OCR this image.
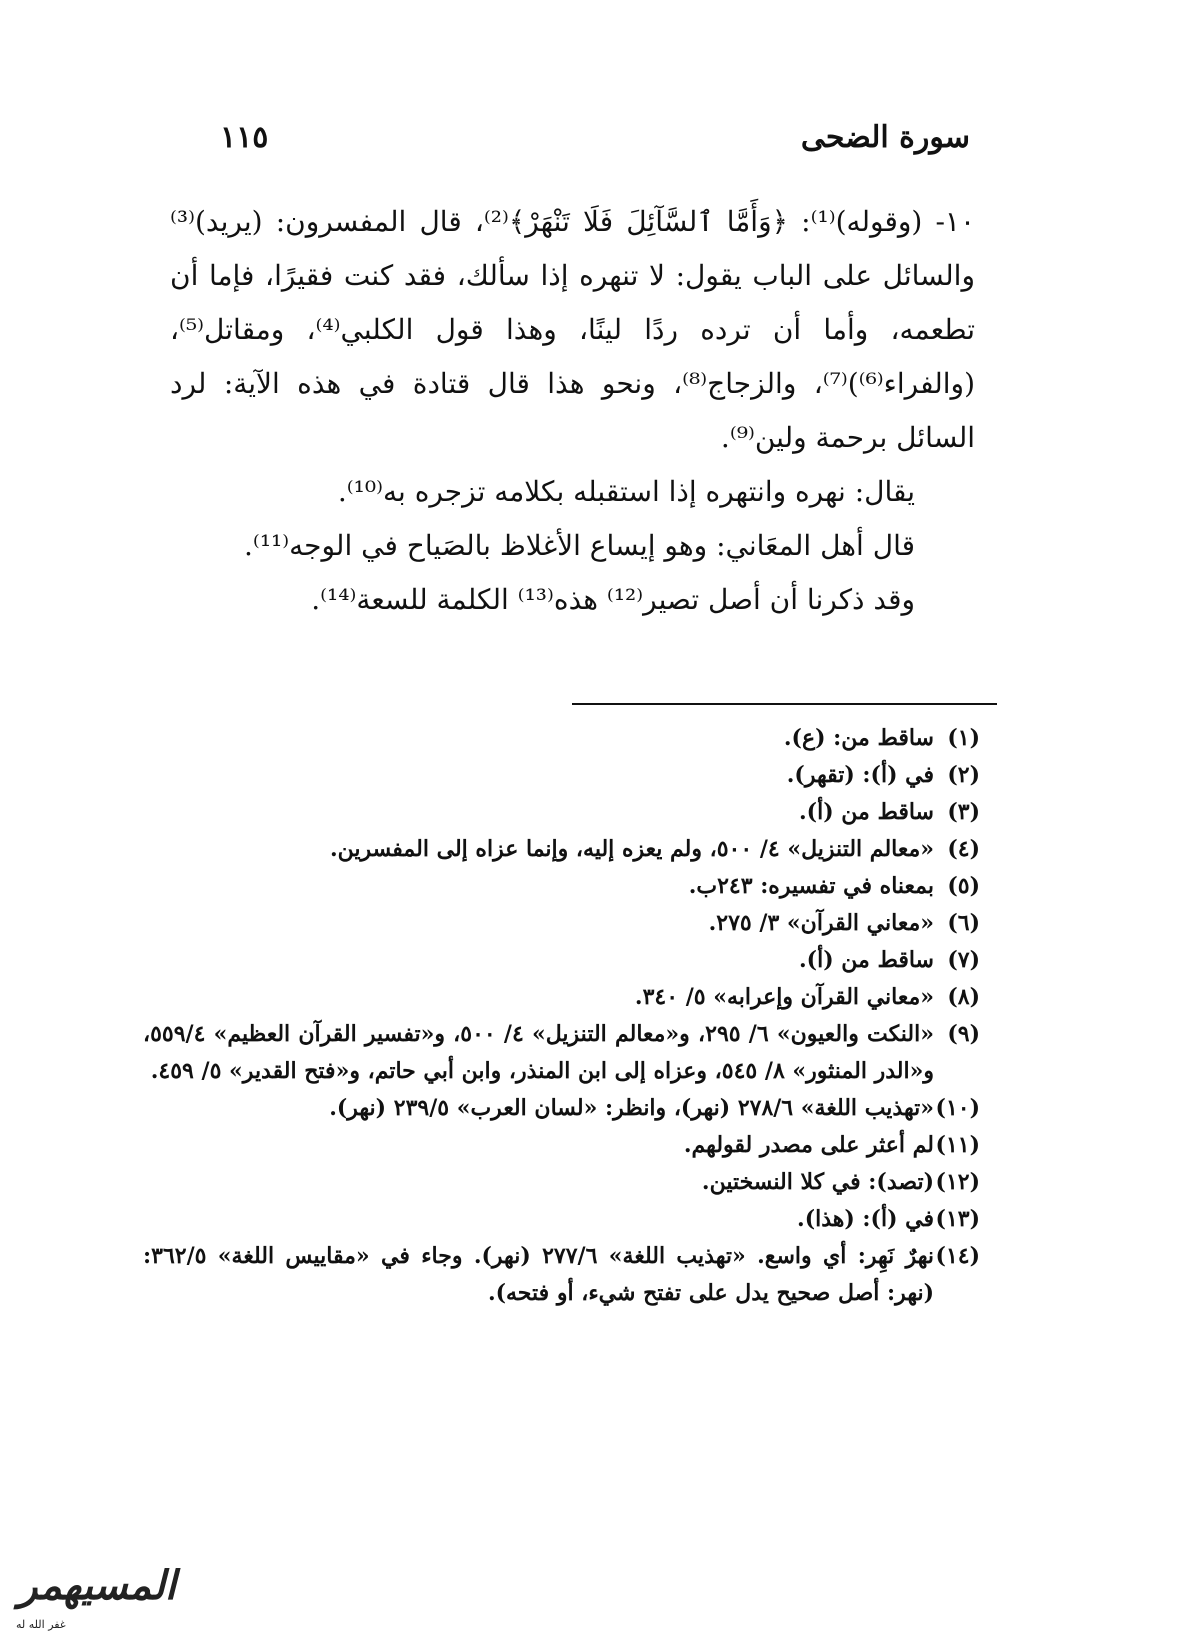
سورة الضحى
١١٥

١٠- (وقوله)⁽¹⁾: ﴿وَأَمَّا ٱلسَّآئِلَ فَلَا تَنْهَرْ﴾⁽²⁾، قال المفسرون: (يريد)⁽³⁾ والسائل على الباب يقول: لا تنهره إذا سألك، فقد كنت فقيرًا، فإما أن تطعمه، وأما أن ترده ردًا لينًا، وهذا قول الكلبي⁽⁴⁾، ومقاتل⁽⁵⁾، (والفراء⁽⁶⁾)⁽⁷⁾، والزجاج⁽⁸⁾، ونحو هذا قال قتادة في هذه الآية: لرد السائل برحمة ولين⁽⁹⁾.

يقال: نهره وانتهره إذا استقبله بكلامه تزجره به⁽¹⁰⁾.

قال أهل المعَاني: وهو إيساع الأغلاظ بالصَياح في الوجه⁽¹¹⁾.

وقد ذكرنا أن أصل تصير⁽¹²⁾ هذه⁽¹³⁾ الكلمة للسعة⁽¹⁴⁾.

(١)
ساقط من: (ع).
(٢)
في (أ): (تقهر).
(٣)
ساقط من (أ).
(٤)
«معالم التنزيل» ٤/ ٥٠٠، ولم يعزه إليه، وإنما عزاه إلى المفسرين.
(٥)
بمعناه في تفسيره: ٢٤٣ب.
(٦)
«معاني القرآن» ٣/ ٢٧٥.
(٧)
ساقط من (أ).
(٨)
«معاني القرآن وإعرابه» ٥/ ٣٤٠.
(٩)
«النكت والعيون» ٦/ ٢٩٥، و«معالم التنزيل» ٤/ ٥٠٠، و«تفسير القرآن العظيم» ٥٥٩/٤، و«الدر المنثور» ٨/ ٥٤٥، وعزاه إلى ابن المنذر، وابن أبي حاتم، و«فتح القدير» ٥/ ٤٥٩.
(١٠)
«تهذيب اللغة» ٢٧٨/٦ (نهر)، وانظر: «لسان العرب» ٢٣٩/٥ (نهر).
(١١)
لم أعثر على مصدر لقولهم.
(١٢)
(تصد): في كلا النسختين.
(١٣)
في (أ): (هذا).
(١٤)
نهرٌ نَهِر: أي واسع. «تهذيب اللغة» ٢٧٧/٦ (نهر). وجاء في «مقاييس اللغة» ٣٦٢/٥: (نهر: أصل صحيح يدل على تفتح شيء، أو فتحه).
المسيهمر
غفر الله له
